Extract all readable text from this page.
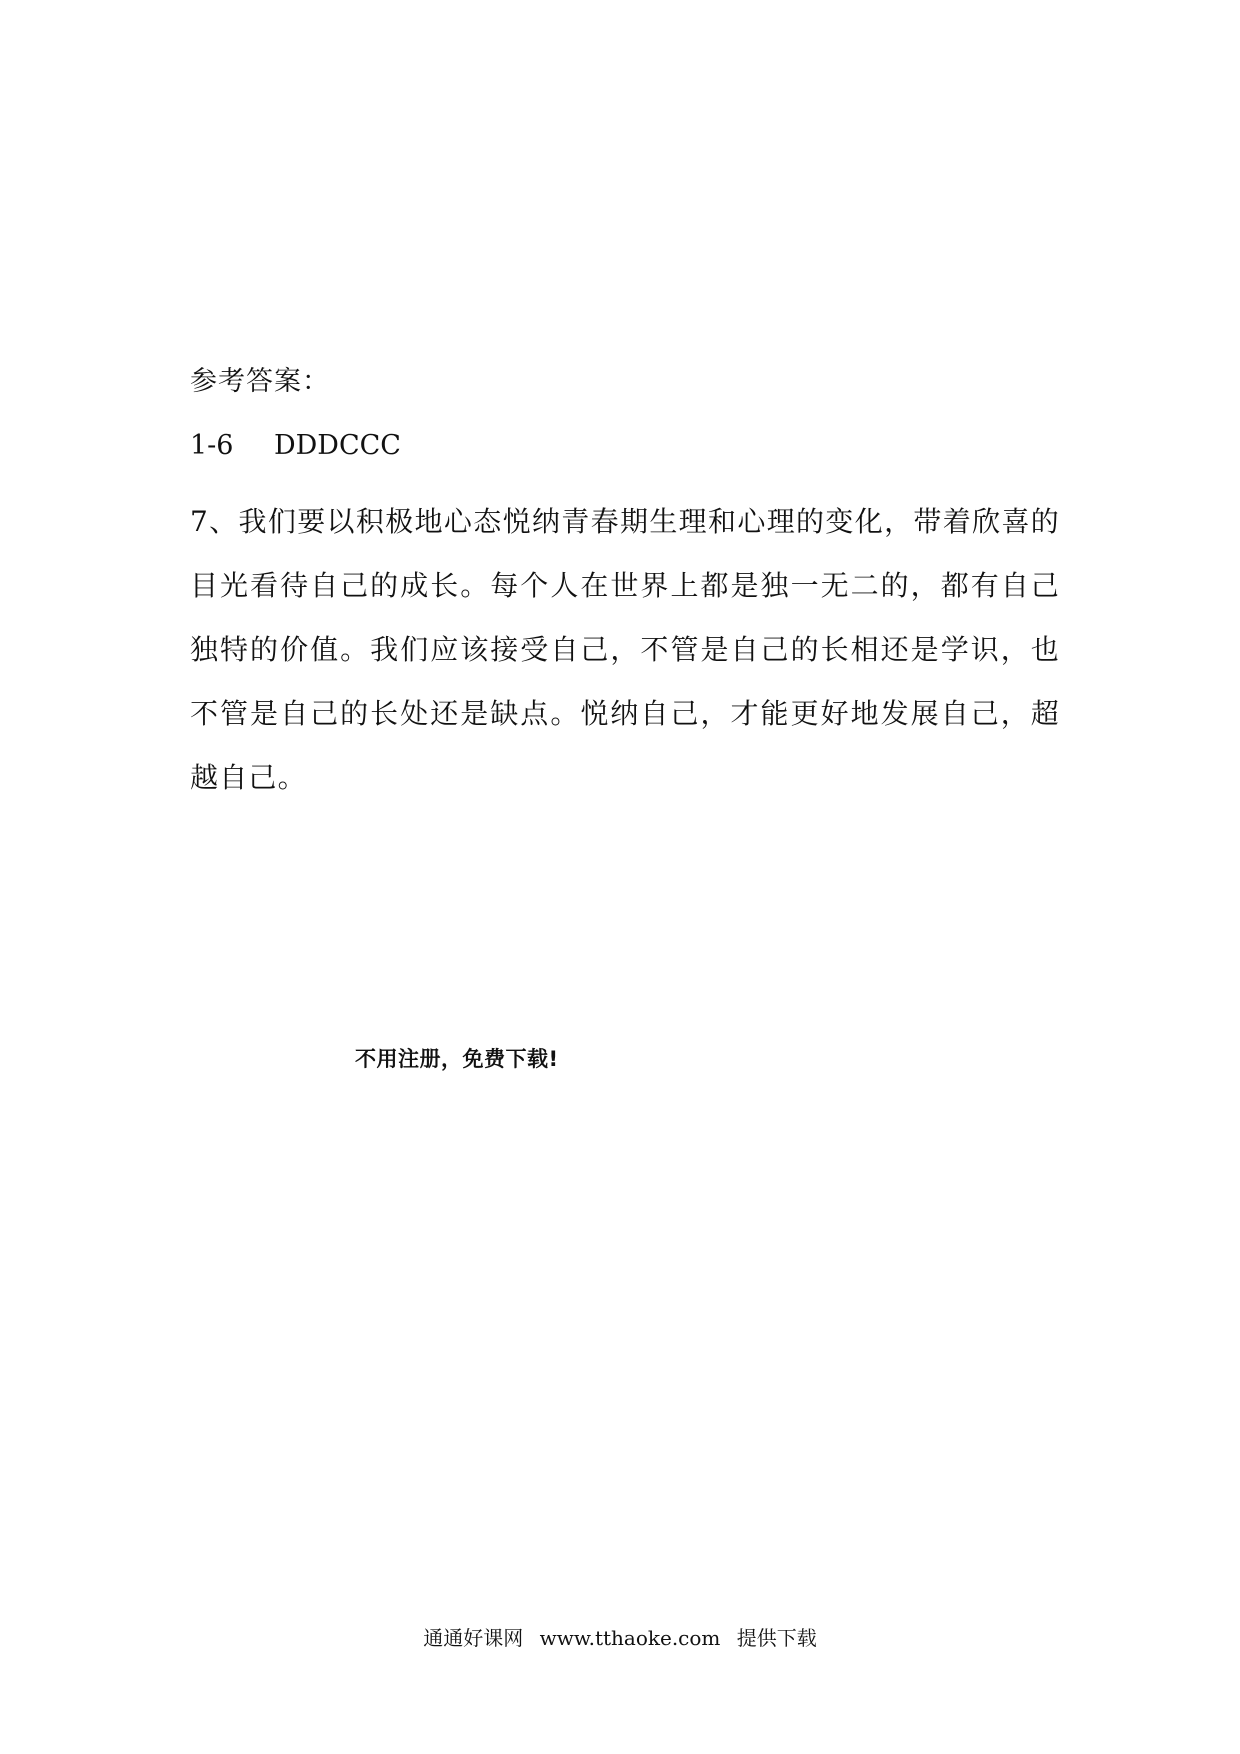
参考答案：
1-6 DDDCCC

7、我们要以积极地心态悦纳青春期生理和心理的变化，带着欣喜的目光看待自己的成长。每个人在世界上都是独一无二的，都有自己独特的价值。我们应该接受自己，不管是自己的长相还是学识，也不管是自己的长处还是缺点。悦纳自己，才能更好地发展自己，超越自己。

不用注册，免费下载!
通通好课网 www.tthaoke.com 提供下载
